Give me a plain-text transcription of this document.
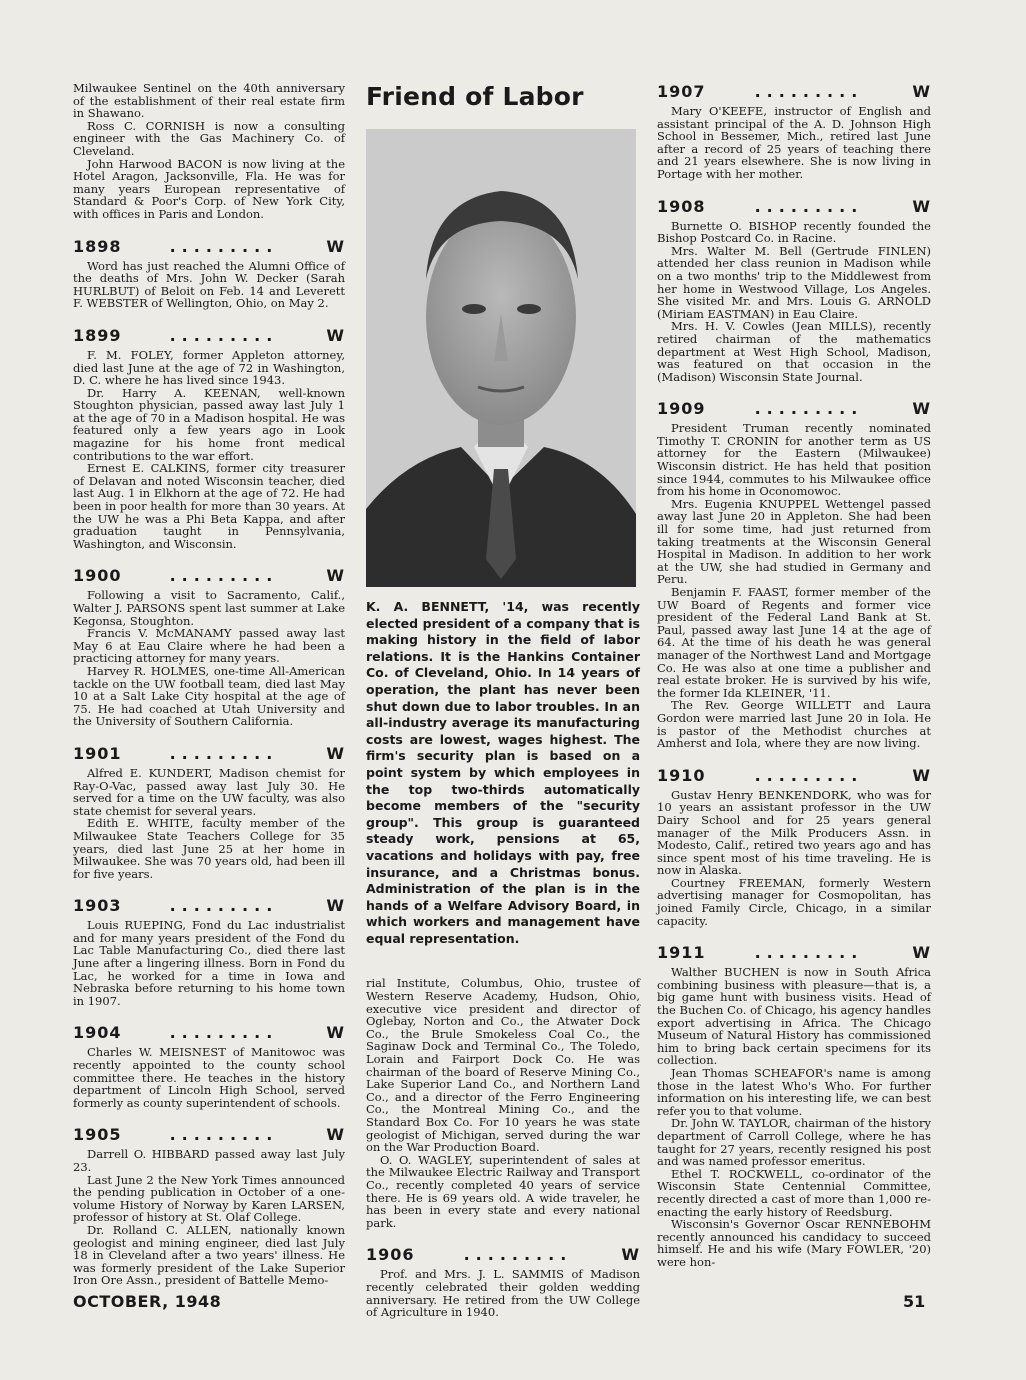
Milwaukee Sentinel on the 40th anniversary of the establishment of their real estate firm in Shawano.

Ross C. CORNISH is now a consulting engineer with the Gas Machinery Co. of Cleveland.

John Harwood BACON is now living at the Hotel Aragon, Jacksonville, Fla. He was for many years European representative of Standard & Poor's Corp. of New York City, with offices in Paris and London.

1898	.........	W

Word has just reached the Alumni Office of the deaths of Mrs. John W. Decker (Sarah HURLBUT) of Beloit on Feb. 14 and Leverett F. WEBSTER of Wellington, Ohio, on May 2.

1899	.........	W

F. M. FOLEY, former Appleton attorney, died last June at the age of 72 in Washington, D. C. where he has lived since 1943.

Dr. Harry A. KEENAN, well-known Stoughton physician, passed away last July 1 at the age of 70 in a Madison hospital. He was featured only a few years ago in Look magazine for his home front medical contributions to the war effort.

Ernest E. CALKINS, former city treasurer of Delavan and noted Wisconsin teacher, died last Aug. 1 in Elkhorn at the age of 72. He had been in poor health for more than 30 years. At the UW he was a Phi Beta Kappa, and after graduation taught in Pennsylvania, Washington, and Wisconsin.

1900	.........	W

Following a visit to Sacramento, Calif., Walter J. PARSONS spent last summer at Lake Kegonsa, Stoughton.

Francis V. McMANAMY passed away last May 6 at Eau Claire where he had been a practicing attorney for many years.

Harvey R. HOLMES, one-time All-American tackle on the UW football team, died last May 10 at a Salt Lake City hospital at the age of 75. He had coached at Utah University and the University of Southern California.

1901	.........	W

Alfred E. KUNDERT, Madison chemist for Ray-O-Vac, passed away last July 30. He served for a time on the UW faculty, was also state chemist for several years.

Edith E. WHITE, faculty member of the Milwaukee State Teachers College for 35 years, died last June 25 at her home in Milwaukee. She was 70 years old, had been ill for five years.

1903	.........	W

Louis RUEPING, Fond du Lac industrialist and for many years president of the Fond du Lac Table Manufacturing Co., died there last June after a lingering illness. Born in Fond du Lac, he worked for a time in Iowa and Nebraska before returning to his home town in 1907.

1904	.........	W

Charles W. MEISNEST of Manitowoc was recently appointed to the county school committee there. He teaches in the history department of Lincoln High School, served formerly as county superintendent of schools.

1905	.........	W

Darrell O. HIBBARD passed away last July 23.

Last June 2 the New York Times announced the pending publication in October of a one-volume History of Norway by Karen LARSEN, professor of history at St. Olaf College.

Dr. Rolland C. ALLEN, nationally known geologist and mining engineer, died last July 18 in Cleveland after a two years' illness. He was formerly president of the Lake Superior Iron Ore Assn., president of Battelle Memo-

Friend of Labor
K. A. BENNETT, '14, was recently elected president of a company that is making history in the field of labor relations. It is the Hankins Container Co. of Cleveland, Ohio. In 14 years of operation, the plant has never been shut down due to labor troubles. In an all-industry average its manufacturing costs are lowest, wages highest. The firm's security plan is based on a point system by which employees in the top two-thirds automatically become members of the "security group". This group is guaranteed steady work, pensions at 65, vacations and holidays with pay, free insurance, and a Christmas bonus. Administration of the plan is in the hands of a Welfare Advisory Board, in which workers and management have equal representation.

rial Institute, Columbus, Ohio, trustee of Western Reserve Academy, Hudson, Ohio, executive vice president and director of Oglebay, Norton and Co., the Atwater Dock Co., the Brule Smokeless Coal Co., the Saginaw Dock and Terminal Co., The Toledo, Lorain and Fairport Dock Co. He was chairman of the board of Reserve Mining Co., Lake Superior Land Co., and Northern Land Co., and a director of the Ferro Engineering Co., the Montreal Mining Co., and the Standard Box Co. For 10 years he was state geologist of Michigan, served during the war on the War Production Board.

O. O. WAGLEY, superintendent of sales at the Milwaukee Electric Railway and Transport Co., recently completed 40 years of service there. He is 69 years old. A wide traveler, he has been in every state and every national park.

1906	.........	W

Prof. and Mrs. J. L. SAMMIS of Madison recently celebrated their golden wedding anniversary. He retired from the UW College of Agriculture in 1940.

1907	.........	W

Mary O'KEEFE, instructor of English and assistant principal of the A. D. Johnson High School in Bessemer, Mich., retired last June after a record of 25 years of teaching there and 21 years elsewhere. She is now living in Portage with her mother.

1908	.........	W

Burnette O. BISHOP recently founded the Bishop Postcard Co. in Racine.

Mrs. Walter M. Bell (Gertrude FINLEN) attended her class reunion in Madison while on a two months' trip to the Middlewest from her home in Westwood Village, Los Angeles. She visited Mr. and Mrs. Louis G. ARNOLD (Miriam EASTMAN) in Eau Claire.

Mrs. H. V. Cowles (Jean MILLS), recently retired chairman of the mathematics department at West High School, Madison, was featured on that occasion in the (Madison) Wisconsin State Journal.

1909	.........	W

President Truman recently nominated Timothy T. CRONIN for another term as US attorney for the Eastern (Milwaukee) Wisconsin district. He has held that position since 1944, commutes to his Milwaukee office from his home in Oconomowoc.

Mrs. Eugenia KNUPPEL Wettengel passed away last June 20 in Appleton. She had been ill for some time, had just returned from taking treatments at the Wisconsin General Hospital in Madison. In addition to her work at the UW, she had studied in Germany and Peru.

Benjamin F. FAAST, former member of the UW Board of Regents and former vice president of the Federal Land Bank at St. Paul, passed away last June 14 at the age of 64. At the time of his death he was general manager of the Northwest Land and Mortgage Co. He was also at one time a publisher and real estate broker. He is survived by his wife, the former Ida KLEINER, '11.

The Rev. George WILLETT and Laura Gordon were married last June 20 in Iola. He is pastor of the Methodist churches at Amherst and Iola, where they are now living.

1910	.........	W

Gustav Henry BENKENDORK, who was for 10 years an assistant professor in the UW Dairy School and for 25 years general manager of the Milk Producers Assn. in Modesto, Calif., retired two years ago and has since spent most of his time traveling. He is now in Alaska.

Courtney FREEMAN, formerly Western advertising manager for Cosmopolitan, has joined Family Circle, Chicago, in a similar capacity.

1911	.........	W

Walther BUCHEN is now in South Africa combining business with pleasure—that is, a big game hunt with business visits. Head of the Buchen Co. of Chicago, his agency handles export advertising in Africa. The Chicago Museum of Natural History has commissioned him to bring back certain specimens for its collection.

Jean Thomas SCHEAFOR's name is among those in the latest Who's Who. For further information on his interesting life, we can best refer you to that volume.

Dr. John W. TAYLOR, chairman of the history department of Carroll College, where he has taught for 27 years, recently resigned his post and was named professor emeritus.

Ethel T. ROCKWELL, co-ordinator of the Wisconsin State Centennial Committee, recently directed a cast of more than 1,000 re-enacting the early history of Reedsburg.

Wisconsin's Governor Oscar RENNEBOHM recently announced his candidacy to succeed himself. He and his wife (Mary FOWLER, '20) were hon-

OCTOBER, 1948	51
